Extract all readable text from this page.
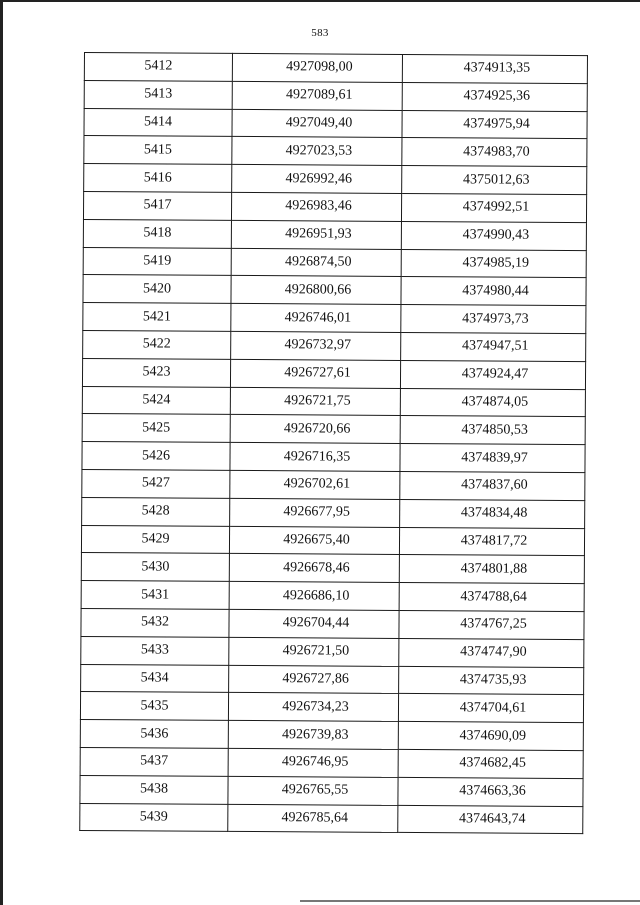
583
5412	4927098,00	4374913,35
5413	4927089,61	4374925,36
5414	4927049,40	4374975,94
5415	4927023,53	4374983,70
5416	4926992,46	4375012,63
5417	4926983,46	4374992,51
5418	4926951,93	4374990,43
5419	4926874,50	4374985,19
5420	4926800,66	4374980,44
5421	4926746,01	4374973,73
5422	4926732,97	4374947,51
5423	4926727,61	4374924,47
5424	4926721,75	4374874,05
5425	4926720,66	4374850,53
5426	4926716,35	4374839,97
5427	4926702,61	4374837,60
5428	4926677,95	4374834,48
5429	4926675,40	4374817,72
5430	4926678,46	4374801,88
5431	4926686,10	4374788,64
5432	4926704,44	4374767,25
5433	4926721,50	4374747,90
5434	4926727,86	4374735,93
5435	4926734,23	4374704,61
5436	4926739,83	4374690,09
5437	4926746,95	4374682,45
5438	4926765,55	4374663,36
5439	4926785,64	4374643,74
